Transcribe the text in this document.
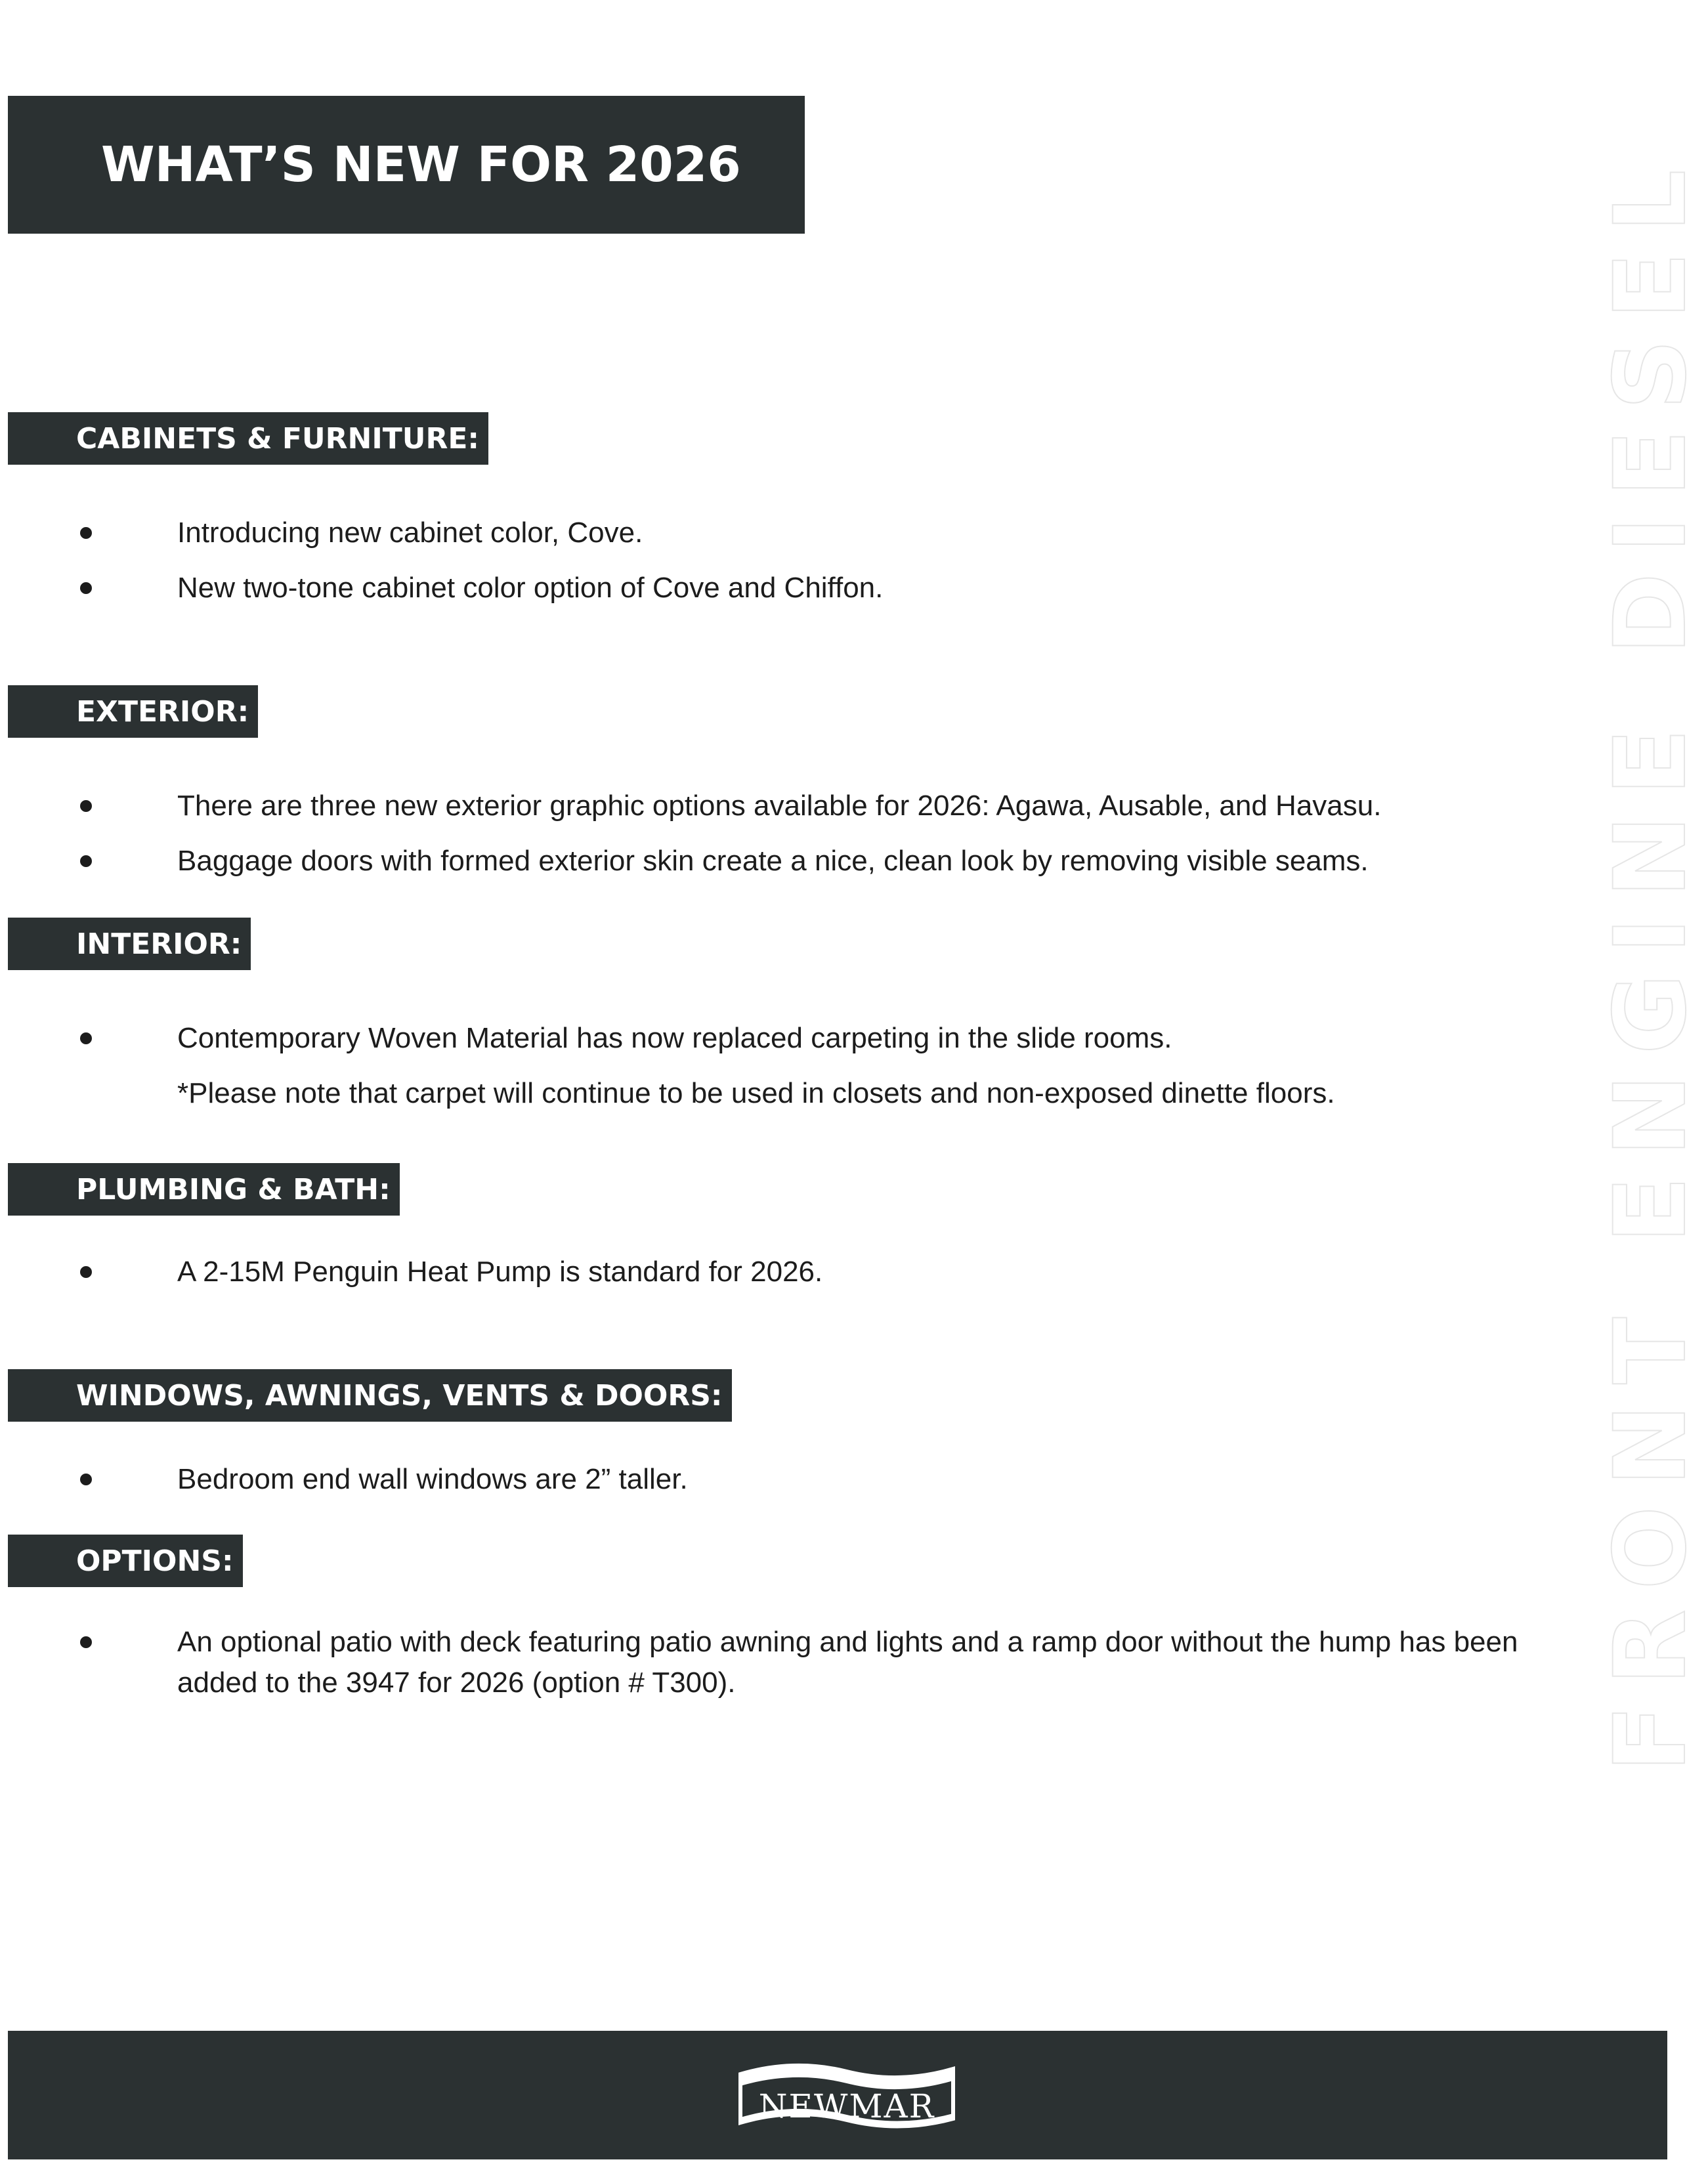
FRONT ENGINE DIESEL
WHAT’S NEW FOR 2026
CABINETS & FURNITURE:
Introducing new cabinet color, Cove.
New two-tone cabinet color option of Cove and Chiffon.
EXTERIOR:
There are three new exterior graphic options available for 2026: Agawa, Ausable, and Havasu.
Baggage doors with formed exterior skin create a nice, clean look by removing visible seams.
INTERIOR:
Contemporary Woven Material has now replaced carpeting in the slide rooms.
*Please note that carpet will continue to be used in closets and non-exposed dinette floors.
PLUMBING & BATH:
A 2-15M Penguin Heat Pump is standard for 2026.
WINDOWS, AWNINGS, VENTS & DOORS:
Bedroom end wall windows are 2” taller.
OPTIONS:
An optional patio with deck featuring patio awning and lights and a ramp door without the hump has been
added to the 3947 for 2026 (option # T300).
NEWMAR
